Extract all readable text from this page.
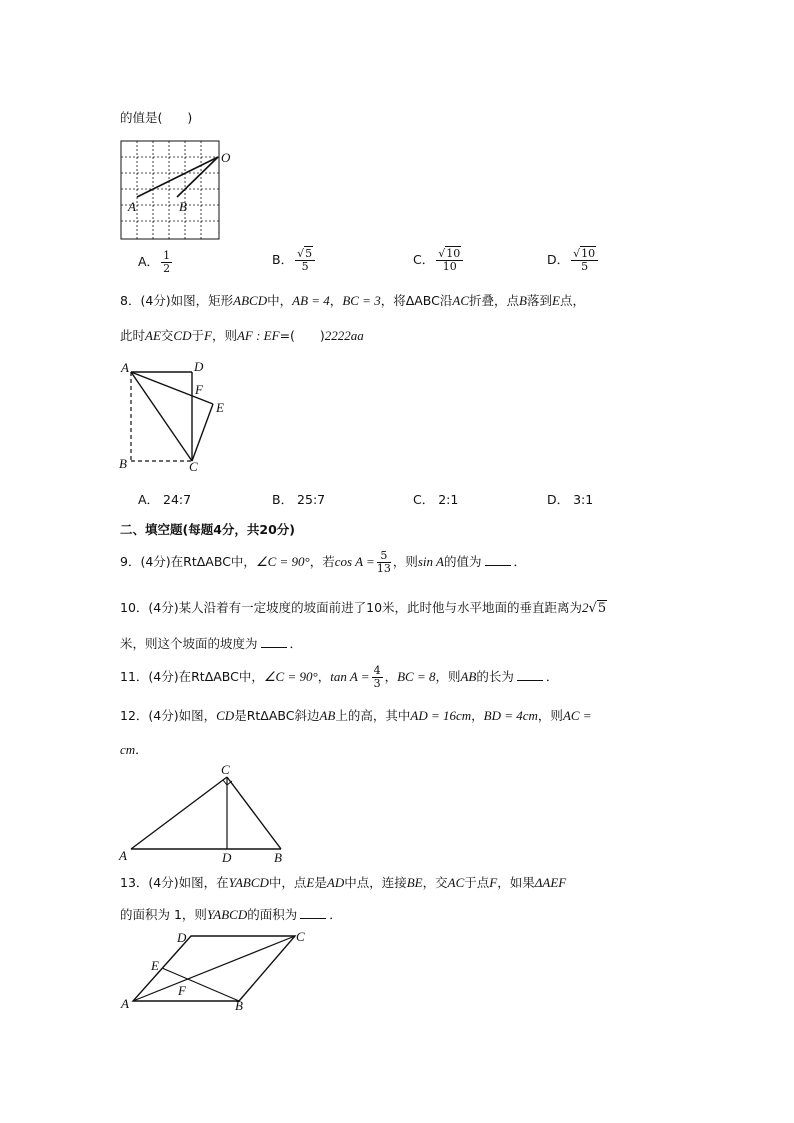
的值是(　　)
O
A	B
A． $\frac{1}{2}$	B． $\frac{√5}{5}$	C． $\frac{√10}{10}$	D． $\frac{√10}{5}$
8．(4分)如图，矩形ABCD中，AB = 4，BC = 3，将ΔABC沿AC折叠，点B落到E点，
此时AE交CD于F，则AF : EF=(　　)2222aa
A	D
F
E
B	C
A． 24:7	B． 25:7	C． 2:1	D． 3:1
二、填空题(每题4分，共20分)
9．(4分)在RtΔABC中，∠C = 90°，若$\cos A = \frac{5}{13}$ ，则sin A的值为	．
10．(4分)某人沿着有一定坡度的坡面前进了10米，此时他与水平地面的垂直距离为2√5
米，则这个坡面的坡度为	．
11．(4分)在RtΔABC中，∠C = 90°，$\tan A = \frac{4}{3}$ ，BC = 8，则AB的长为	．
12．(4分)如图，CD是RtΔABC斜边AB上的高，其中AD = 16cm，BD = 4cm，则AC =
cm．
C
A	D	B
13．(4分)如图，在YABCD中，点E是AD中点，连接BE，交AC于点F，如果ΔAEF
的面积为 1，则YABCD的面积为	．
D	C
E
F
A	B
